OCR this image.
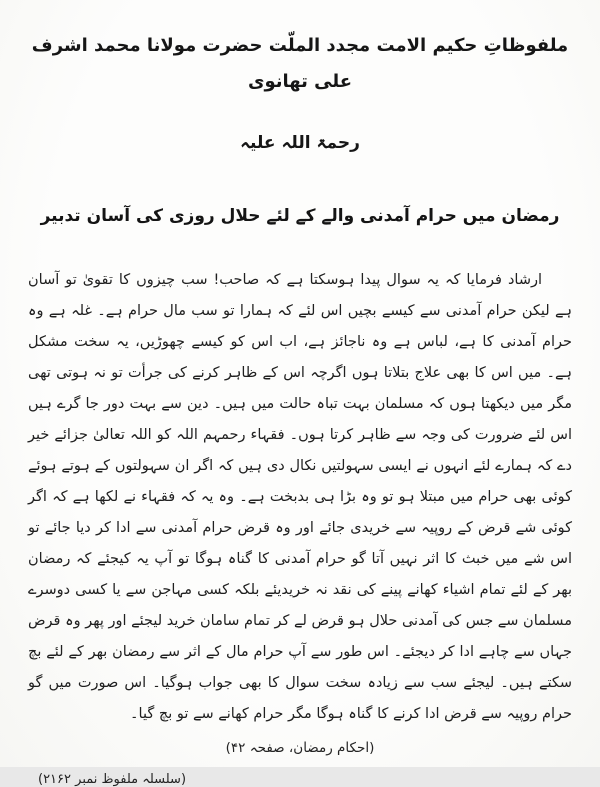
ملفوظاتِ حکیم الامت مجدد الملّت حضرت مولانا محمد اشرف علی تھانوی
رحمۃ اللہ علیہ
رمضان میں حرام آمدنی والے کے لئے حلال روزی کی آسان تدبیر

ارشاد فرمایا کہ یہ سوال پیدا ہوسکتا ہے کہ صاحب! سب چیزوں کا تقویٰ تو آسان ہے لیکن حرام آمدنی سے کیسے بچیں اس لئے کہ ہمارا تو سب مال حرام ہے۔ غلہ ہے وہ حرام آمدنی کا ہے، لباس ہے وہ ناجائز ہے، اب اس کو کیسے چھوڑیں، یہ سخت مشکل ہے۔ میں اس کا بھی علاج بتلاتا ہوں اگرچہ اس کے ظاہر کرنے کی جرأت تو نہ ہوتی تھی مگر میں دیکھتا ہوں کہ مسلمان بہت تباہ حالت میں ہیں۔ دین سے بہت دور جا گرے ہیں اس لئے ضرورت کی وجہ سے ظاہر کرتا ہوں۔ فقہاء رحمہم اللہ کو اللہ تعالیٰ جزائے خیر دے کہ ہمارے لئے انہوں نے ایسی سہولتیں نکال دی ہیں کہ اگر ان سہولتوں کے ہوتے ہوئے کوئی بھی حرام میں مبتلا ہو تو وہ بڑا ہی بدبخت ہے۔ وہ یہ کہ فقہاء نے لکھا ہے کہ اگر کوئی شے قرض کے روپیہ سے خریدی جائے اور وہ قرض حرام آمدنی سے ادا کر دیا جائے تو اس شے میں خبث کا اثر نہیں آتا گو حرام آمدنی کا گناہ ہوگا تو آپ یہ کیجئے کہ رمضان بھر کے لئے تمام اشیاء کھانے پینے کی نقد نہ خریدیئے بلکہ کسی مہاجن سے یا کسی دوسرے مسلمان سے جس کی آمدنی حلال ہو قرض لے کر تمام سامان خرید لیجئے اور پھر وہ قرض جہاں سے چاہے ادا کر دیجئے۔ اس طور سے آپ حرام مال کے اثر سے رمضان بھر کے لئے بچ سکتے ہیں۔ لیجئے سب سے زیادہ سخت سوال کا بھی جواب ہوگیا۔ اس صورت میں گو حرام روپیہ سے قرض ادا کرنے کا گناہ ہوگا مگر حرام کھانے سے تو بچ گیا۔

(احکام رمضان، صفحہ ۴۲)
(سلسلہ ملفوظ نمبر ۲۱۶۲)
